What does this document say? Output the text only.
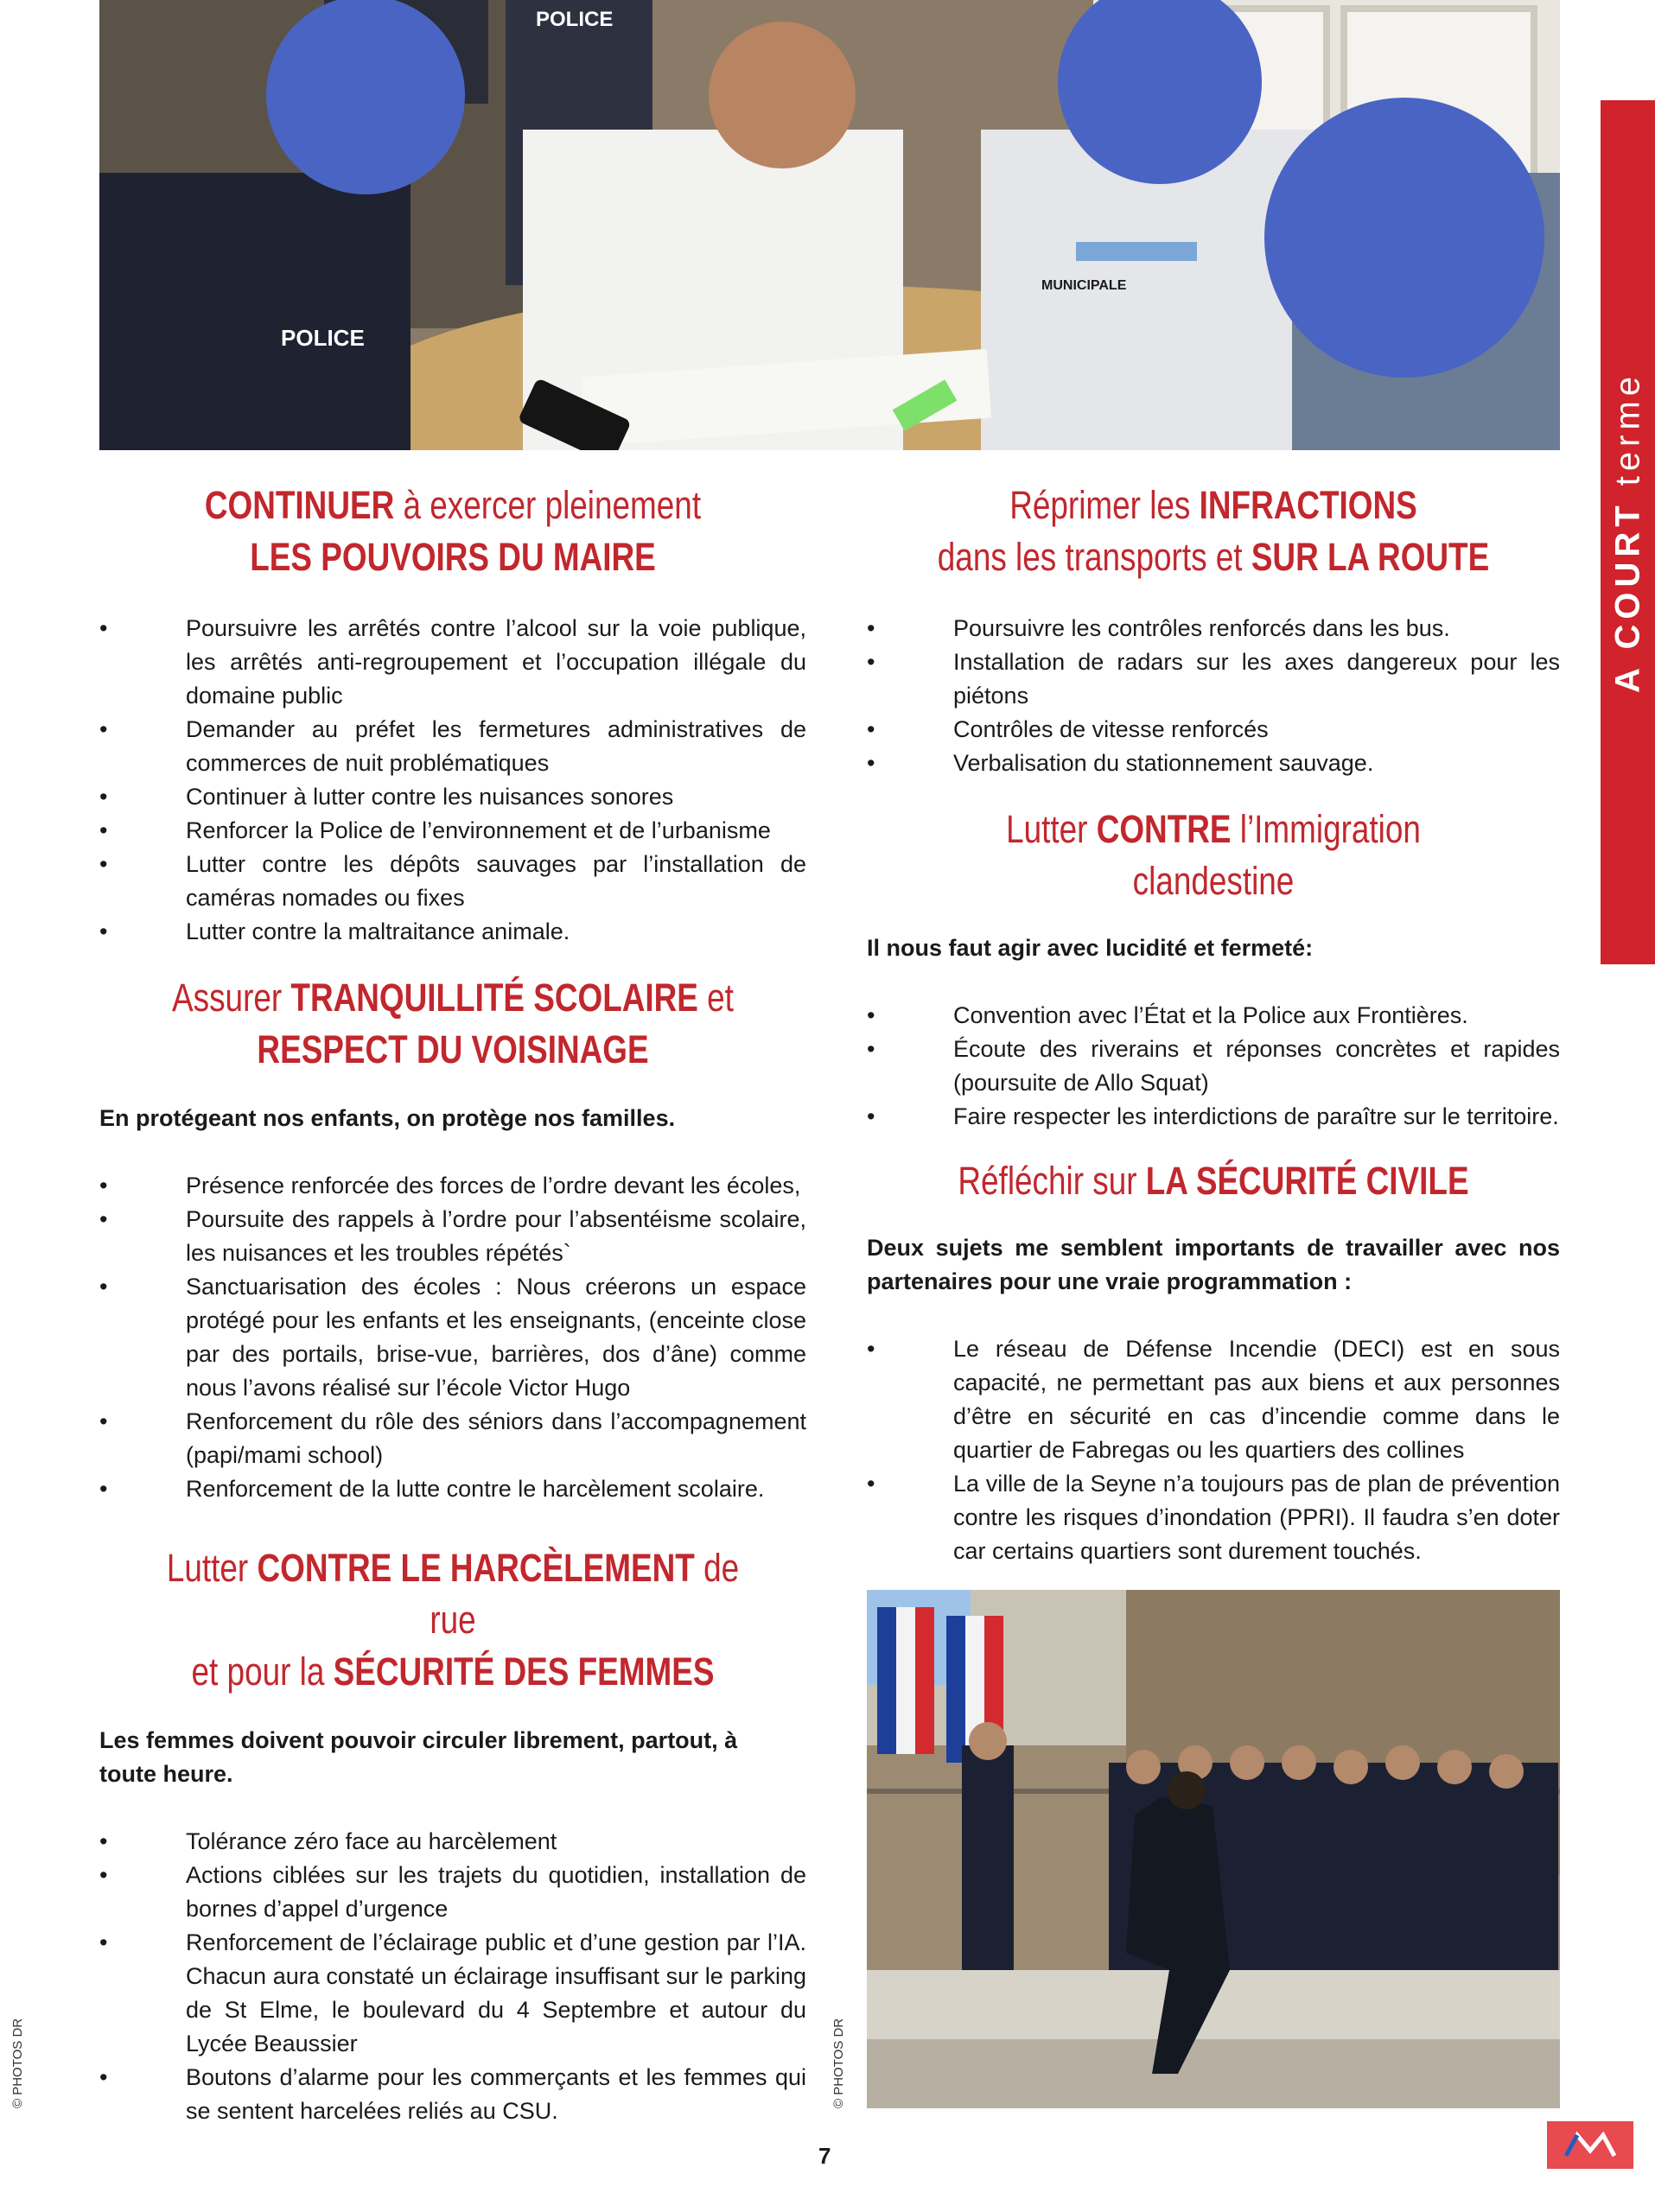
POLICE
POLICE
MUNICIPALE
A COURT terme
CONTINUER à exercer pleinement
LES POUVOIRS DU MAIRE
• Poursuivre les arrêtés contre l’alcool sur la voie publique, les arrêtés anti-regroupement et l’occupation illégale du domaine public
• Demander au préfet les fermetures administratives de commerces de nuit problématiques
• Continuer à lutter contre les nuisances sonores
• Renforcer la Police de l’environnement et de l’urbanisme
• Lutter contre les dépôts sauvages par l’installation de caméras nomades ou fixes
• Lutter contre la maltraitance animale.
Assurer TRANQUILLITÉ SCOLAIRE et
RESPECT DU VOISINAGE

En protégeant nos enfants, on protège nos familles.

• Présence renforcée des forces de l’ordre devant les écoles,
• Poursuite des rappels à l’ordre pour l’absentéisme scolaire, les nuisances et les troubles répétés`
• Sanctuarisation des écoles : Nous créerons un espace protégé pour les enfants et les enseignants, (enceinte close par des portails, brise-vue, barrières, dos d’âne) comme nous l’avons réalisé sur l’école Victor Hugo
• Renforcement du rôle des séniors dans l’accompagnement (papi/mami school)
• Renforcement de la lutte contre le harcèlement scolaire.
Lutter CONTRE LE HARCÈLEMENT de rue
et pour la SÉCURITÉ DES FEMMES

Les femmes doivent pouvoir circuler librement, partout, à toute heure.

• Tolérance zéro face au harcèlement
• Actions ciblées sur les trajets du quotidien, installation de bornes d’appel d’urgence
• Renforcement de l’éclairage public et d’une gestion par l’IA. Chacun aura constaté un éclairage insuffisant sur le parking de St Elme, le boulevard du 4 Septembre et autour du Lycée Beaussier
• Boutons d’alarme pour les commerçants et les femmes qui se sentent harcelées reliés au CSU.
Réprimer les INFRACTIONS
dans les transports et SUR LA ROUTE
• Poursuivre les contrôles renforcés dans les bus.
• Installation de radars sur les axes dangereux pour les piétons
• Contrôles de vitesse renforcés
• Verbalisation du stationnement sauvage.
Lutter CONTRE l’Immigration clandestine

Il nous faut agir avec lucidité et fermeté:

• Convention avec l’État et la Police aux Frontières.
• Écoute des riverains et réponses concrètes et rapides (poursuite de Allo Squat)
• Faire respecter les interdictions de paraître sur le territoire.
Réfléchir sur LA SÉCURITÉ CIVILE

Deux sujets me semblent importants de travailler avec nos partenaires pour une vraie programmation :

• Le réseau de Défense Incendie (DECI) est en sous capacité, ne permettant pas aux biens et aux personnes d’être en sécurité en cas d’incendie comme dans le quartier de Fabregas ou les quartiers des collines
• La ville de la Seyne n’a toujours pas de plan de prévention contre les risques d’inondation (PPRI). Il faudra s’en doter car certains quartiers sont durement touchés.
© PHOTOS DR	© PHOTOS DR
7
